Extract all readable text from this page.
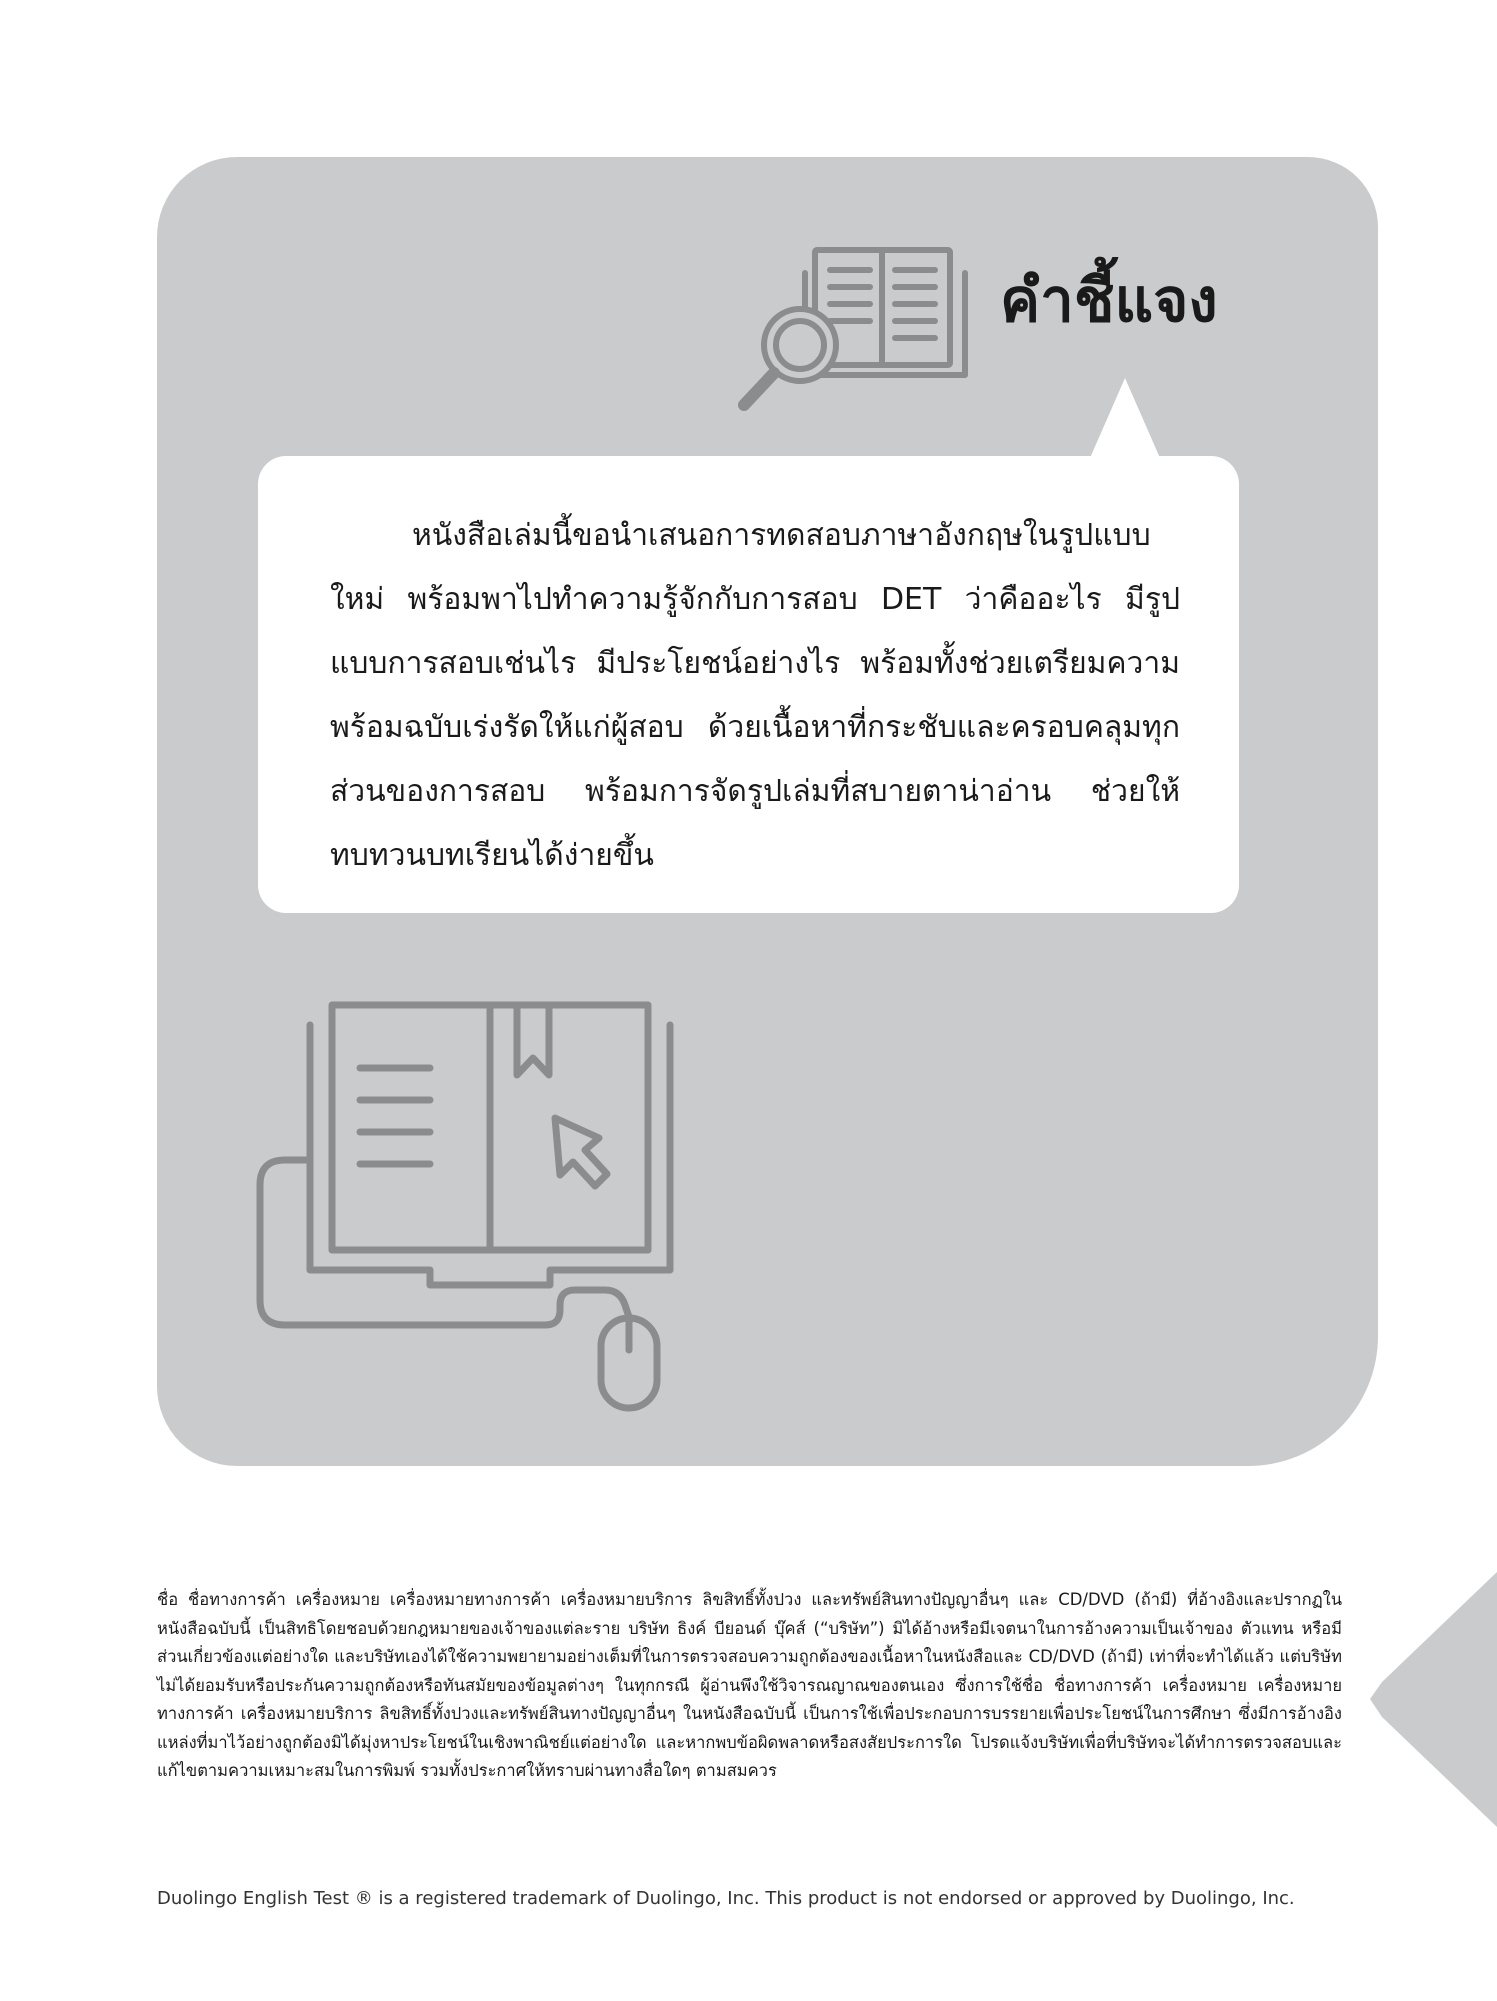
คำชี้แจง

หนังสือเล่มนี้ขอนำเสนอการทดสอบภาษาอังกฤษในรูปแบบใหม่ พร้อมพาไปทำความรู้จักกับการสอบ DET ว่าคืออะไร มีรูปแบบการสอบเช่นไร มีประโยชน์อย่างไร พร้อมทั้งช่วยเตรียมความพร้อมฉบับเร่งรัดให้แก่ผู้สอบ ด้วยเนื้อหาที่กระชับและครอบคลุมทุกส่วนของการสอบ พร้อมการจัดรูปเล่มที่สบายตาน่าอ่าน ช่วยให้ทบทวนบทเรียนได้ง่ายขึ้น

ชื่อ ชื่อทางการค้า เครื่องหมาย เครื่องหมายทางการค้า เครื่องหมายบริการ ลิขสิทธิ์ทั้งปวง และทรัพย์สินทางปัญญาอื่นๆ และ CD/DVD (ถ้ามี) ที่อ้างอิงและปรากฏในหนังสือฉบับนี้ เป็นสิทธิโดยชอบด้วยกฎหมายของเจ้าของแต่ละราย บริษัท ธิงค์ บียอนด์ บุ๊คส์ (“บริษัท”) มิได้อ้างหรือมีเจตนาในการอ้างความเป็นเจ้าของ ตัวแทน หรือมีส่วนเกี่ยวข้องแต่อย่างใด และบริษัทเองได้ใช้ความพยายามอย่างเต็มที่ในการตรวจสอบความถูกต้องของเนื้อหาในหนังสือและ CD/DVD (ถ้ามี) เท่าที่จะทำได้แล้ว แต่บริษัทไม่ได้ยอมรับหรือประกันความถูกต้องหรือทันสมัยของข้อมูลต่างๆ ในทุกกรณี ผู้อ่านพึงใช้วิจารณญาณของตนเอง ซึ่งการใช้ชื่อ ชื่อทางการค้า เครื่องหมาย เครื่องหมายทางการค้า เครื่องหมายบริการ ลิขสิทธิ์ทั้งปวงและทรัพย์สินทางปัญญาอื่นๆ ในหนังสือฉบับนี้ เป็นการใช้เพื่อประกอบการบรรยายเพื่อประโยชน์ในการศึกษา ซึ่งมีการอ้างอิงแหล่งที่มาไว้อย่างถูกต้องมิได้มุ่งหาประโยชน์ในเชิงพาณิชย์แต่อย่างใด และหากพบข้อผิดพลาดหรือสงสัยประการใด โปรดแจ้งบริษัทเพื่อที่บริษัทจะได้ทำการตรวจสอบและแก้ไขตามความเหมาะสมในการพิมพ์ รวมทั้งประกาศให้ทราบผ่านทางสื่อใดๆ ตามสมควร

Duolingo English Test ® is a registered trademark of Duolingo, Inc. This product is not endorsed or approved by Duolingo, Inc.
